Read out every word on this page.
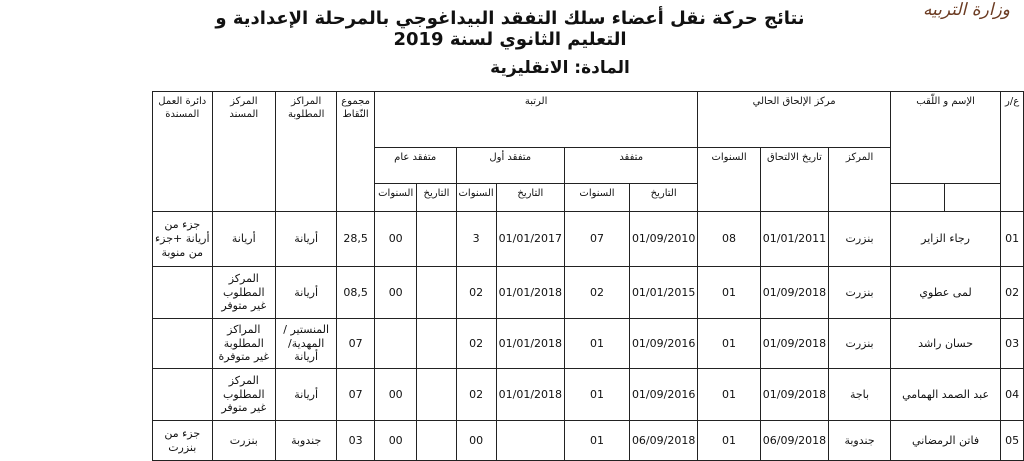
وزارة التربيه
نتائج حركة نقل أعضاء سلك التفقد البيداغوجي بالمرحلة الإعدادية و التعليم الثانوي لسنة 2019
المادة: الانقليزية
دائرة العمل المسندة	المركز المسند	المراكز المطلوبة	مجموع النّقاط	الرتبة						مركز الإلحاق الحالي			الإسم و اللّقب	ع/ر
				متفقد عام		متفقد أول		متفقد		السنوات	تاريخ الالتحاق	المركز		
				السنوات	التاريخ	السنوات	التاريخ	السنوات	التاريخ					
جزء من أريانة +جزء من منوبة	أريانة	أريانة	28,5	00		3	01/01/2017	07	01/09/2010	08	01/01/2011	بنزرت	رجاء الزاير	01
	المركز المطلوب غير متوفر	أريانة	08,5	00		02	01/01/2018	02	01/01/2015	01	01/09/2018	بنزرت	لمى عطوي	02
	المراكز المطلوبة غير متوفرة	المنستير /المهدية/ أريانة	07			02	01/01/2018	01	01/09/2016	01	01/09/2018	بنزرت	حسان راشد	03
	المركز المطلوب غير متوفر	أريانة	07	00		02	01/01/2018	01	01/09/2016	01	01/09/2018	باجة	عبد الصمد الهمامي	04
جزء من بنزرت	بنزرت	جندوبة	03	00		00		01	06/09/2018	01	06/09/2018	جندوبة	فاتن الرمضاني	05
